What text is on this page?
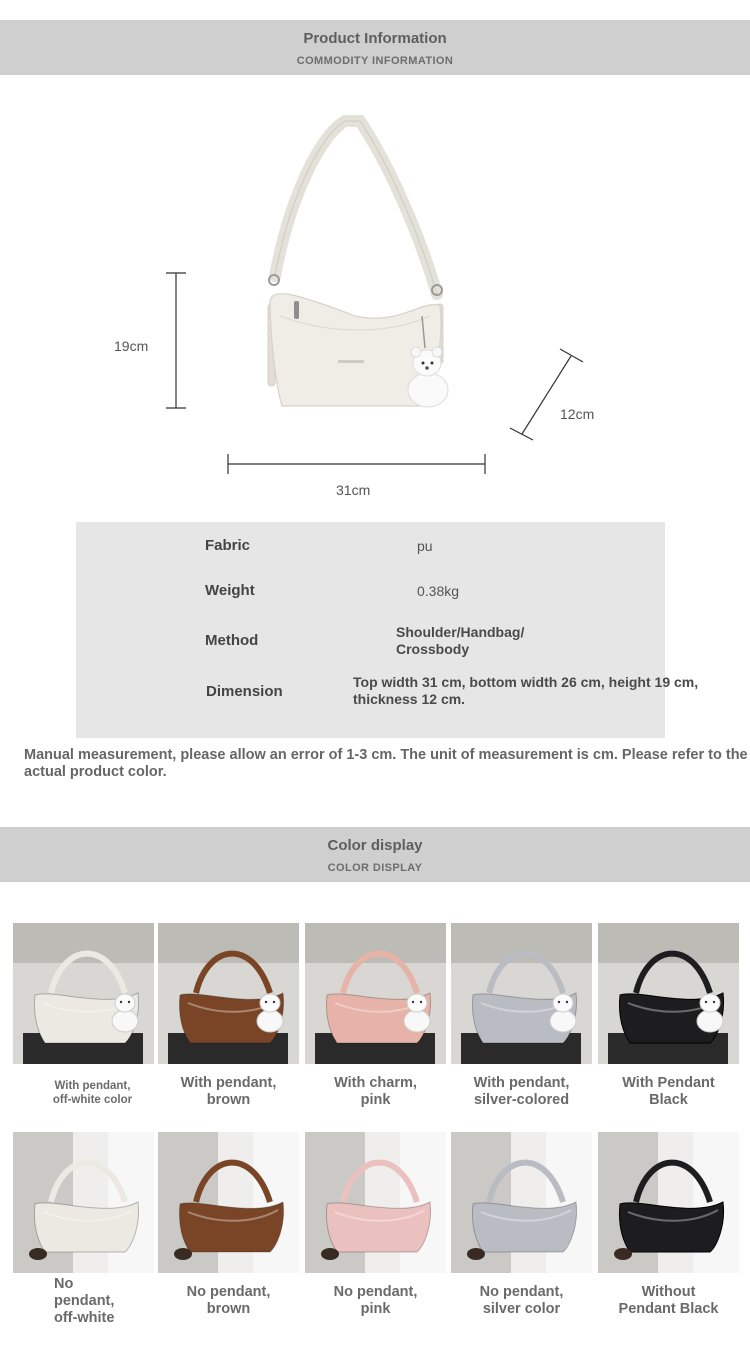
Product Information
COMMODITY INFORMATION
19cm
12cm
31cm
Fabric	pu
Weight	0.38kg
Method	Shoulder/Handbag/
Crossbody
Dimension
Top width 31 cm, bottom width 26 cm, height 19 cm,
thickness 12 cm.
Manual measurement, please allow an error of 1-3 cm. The unit of measurement is cm. Please refer to the
actual product color.
Color display
COLOR DISPLAY
With pendant,
off-white color
With pendant,
brown
With charm,
pink
With pendant,
silver-colored
With Pendant
Black
No
pendant,
off-white
No pendant,
brown
No pendant,
pink
No pendant,
silver color
Without
Pendant Black
